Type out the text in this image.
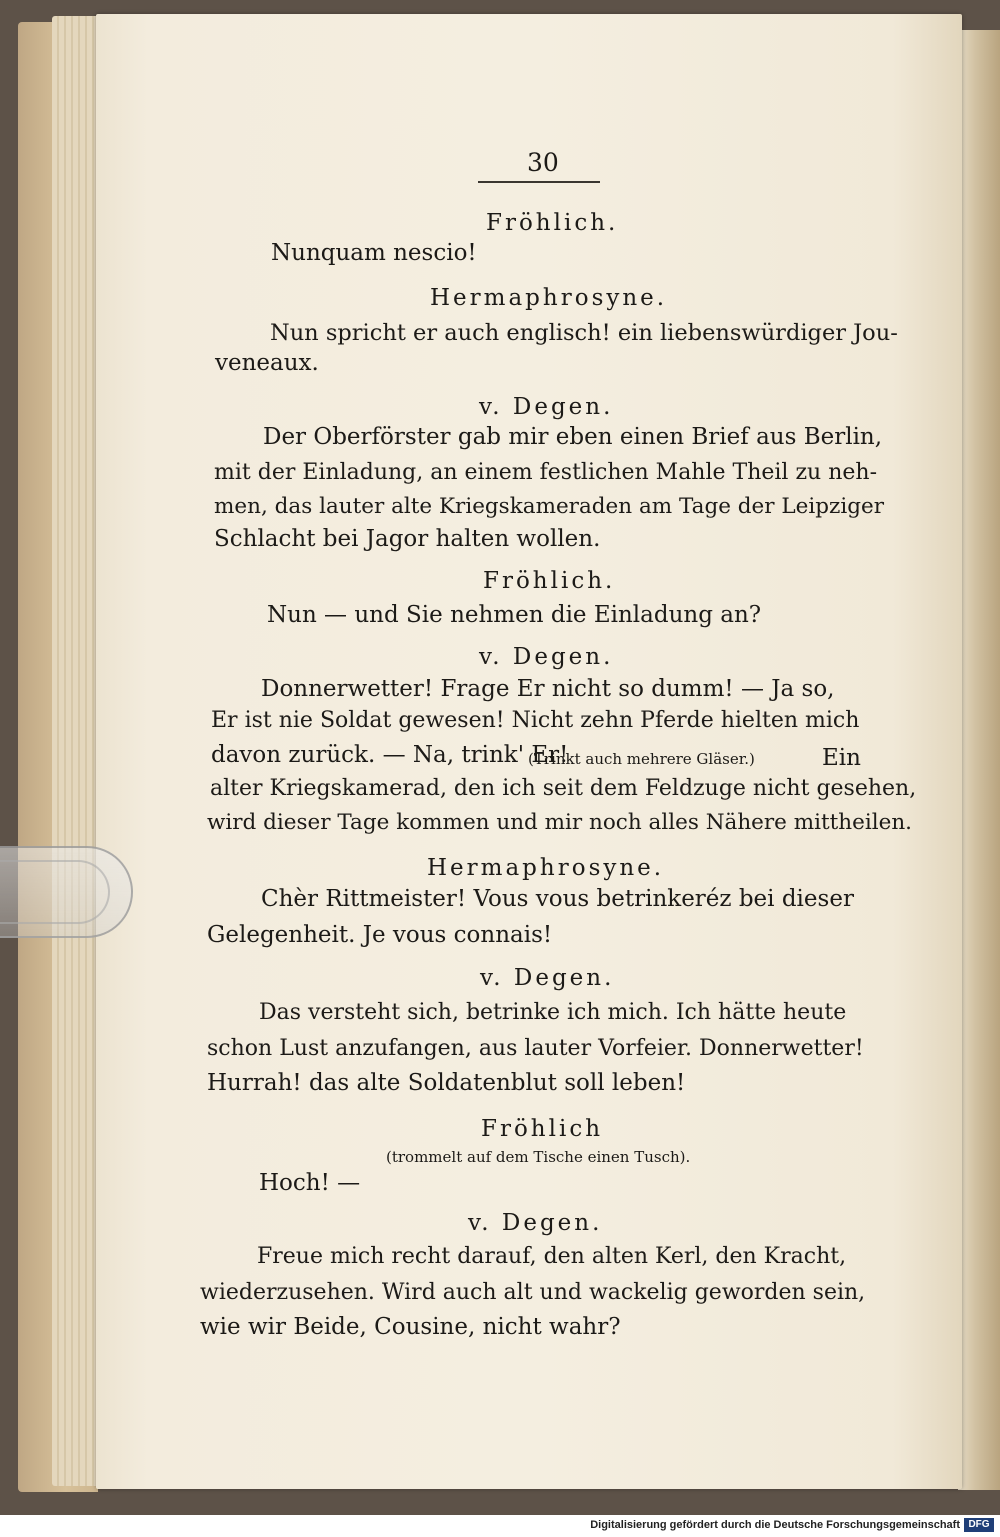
30

Fröhlich.

Nunquam nescio!

Hermaphrosyne.

Nun spricht er auch englisch! ein liebenswürdiger Jou-

veneaux.

v. Degen.

Der Oberförster gab mir eben einen Brief aus Berlin,

mit der Einladung, an einem festlichen Mahle Theil zu neh-

men, das lauter alte Kriegskameraden am Tage der Leipziger

Schlacht bei Jagor halten wollen.

Fröhlich.

Nun — und Sie nehmen die Einladung an?

v. Degen.

Donnerwetter! Frage Er nicht so dumm! — Ja so,

Er ist nie Soldat gewesen! Nicht zehn Pferde hielten mich

davon zurück. — Na, trink' Er!

(Trinkt auch mehrere Gläser.)	Ein

alter Kriegskamerad, den ich seit dem Feldzuge nicht gesehen,

wird dieser Tage kommen und mir noch alles Nähere mittheilen.

Hermaphrosyne.

Chèr Rittmeister! Vous vous betrinkeréz bei dieser

Gelegenheit. Je vous connais!

v. Degen.

Das versteht sich, betrinke ich mich. Ich hätte heute

schon Lust anzufangen, aus lauter Vorfeier. Donnerwetter!

Hurrah! das alte Soldatenblut soll leben!

Fröhlich

(trommelt auf dem Tische einen Tusch).

Hoch! —

v. Degen.

Freue mich recht darauf, den alten Kerl, den Kracht,

wiederzusehen. Wird auch alt und wackelig geworden sein,

wie wir Beide, Cousine, nicht wahr?

Digitalisierung gefördert durch die Deutsche Forschungsgemeinschaft DFG
